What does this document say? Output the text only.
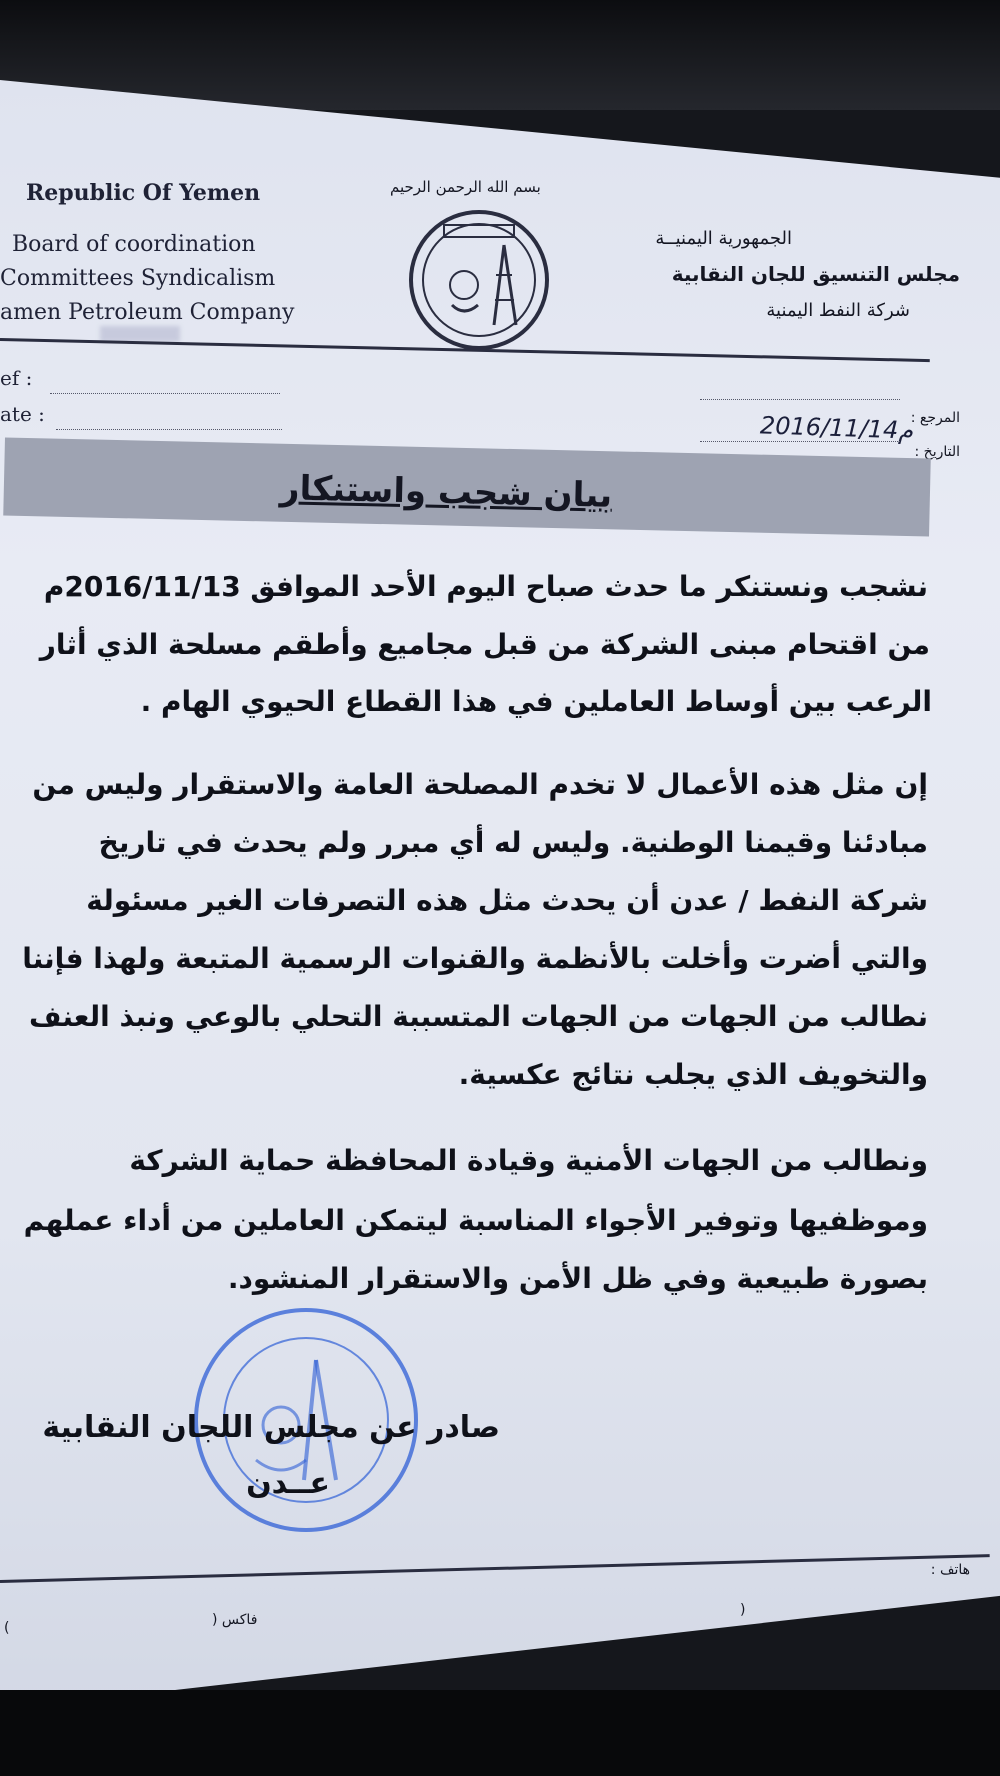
بسم الله الرحمن الرحيم
Republic Of Yemen
Board of coordination
Committees Syndicalism
amen Petroleum Company
الجمهورية اليمنيــة
مجلس التنسيق للجان النقابية
شركة النفط اليمنية
ef :
ate :	المرجع :
التاريخ :
2016/11/14م
بيان شجب واستنكار
نشجب ونستنكر ما حدث صباح اليوم الأحد الموافق 2016/11/13م
من اقتحام مبنى الشركة من قبل مجاميع وأطقم مسلحة الذي أثار
الرعب بين أوساط العاملين في هذا القطاع الحيوي الهام .
إن مثل هذه الأعمال لا تخدم المصلحة العامة والاستقرار وليس من
مبادئنا وقيمنا الوطنية. وليس له أي مبرر ولم يحدث في تاريخ
شركة النفط / عدن أن يحدث مثل هذه التصرفات الغير مسئولة
والتي أضرت وأخلت بالأنظمة والقنوات الرسمية المتبعة ولهذا فإننا
نطالب من الجهات من الجهات المتسببة التحلي بالوعي ونبذ العنف
والتخويف الذي يجلب نتائج عكسية.
ونطالب من الجهات الأمنية وقيادة المحافظة حماية الشركة
وموظفيها وتوفير الأجواء المناسبة ليتمكن العاملين من أداء عملهم
بصورة طبيعية وفي ظل الأمن والاستقرار المنشود.
صادر عن مجلس اللجان النقابية
عــدن
هاتف :
(
فاكس (
)
